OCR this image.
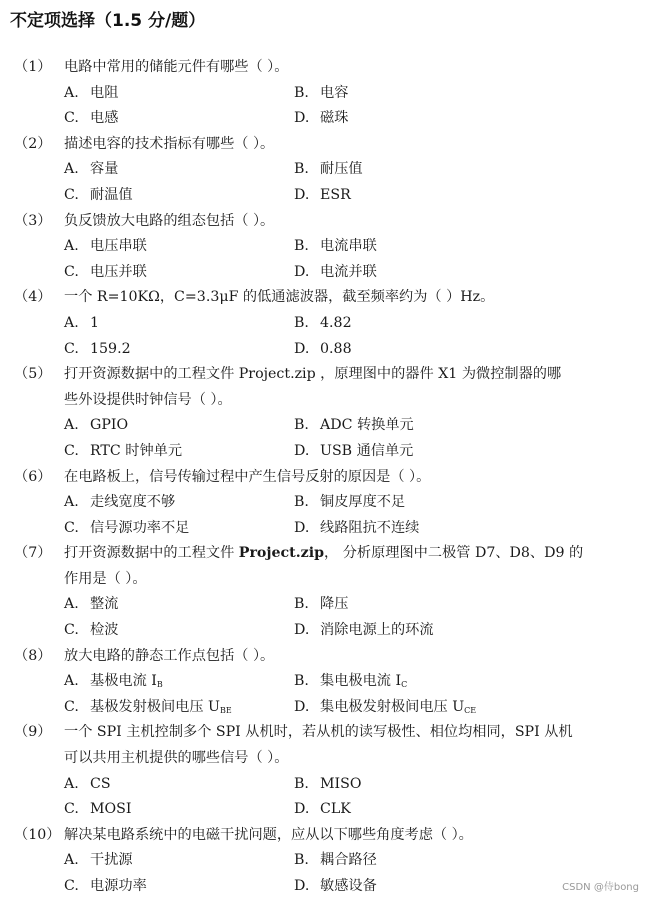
不定项选择（1.5 分/题）
（1） 电路中常用的储能元件有哪些（ ）。
A. 电阻	B. 电容
C. 电感	D. 磁珠
（2） 描述电容的技术指标有哪些（ ）。
A. 容量	B. 耐压值
C. 耐温值	D. ESR
（3） 负反馈放大电路的组态包括（ ）。
A. 电压串联	B. 电流串联
C. 电压并联	D. 电流并联
（4） 一个 R=10KΩ，C=3.3μF 的低通滤波器，截至频率约为（ ）Hz。
A. 1	B. 4.82
C. 159.2	D. 0.88
（5） 打开资源数据中的工程文件 Project.zip ，原理图中的器件 X1 为微控制器的哪
些外设提供时钟信号（ ）。
A. GPIO	B. ADC 转换单元
C. RTC 时钟单元	D. USB 通信单元
（6） 在电路板上，信号传输过程中产生信号反射的原因是（ ）。
A. 走线宽度不够	B. 铜皮厚度不足
C. 信号源功率不足	D. 线路阻抗不连续
（7） 打开资源数据中的工程文件 Project.zip， 分析原理图中二极管 D7、D8、D9 的
作用是（ ）。
A. 整流	B. 降压
C. 检波	D. 消除电源上的环流
（8） 放大电路的静态工作点包括（ ）。
A. 基极电流 $I_B$	B. 集电极电流 $I_C$
C. 基极发射极间电压 $U_{BE}$	D. 集电极发射极间电压 $U_{CE}$
（9） 一个 SPI 主机控制多个 SPI 从机时，若从机的读写极性、相位均相同，SPI 从机
可以共用主机提供的哪些信号（ ）。
A. CS	B. MISO
C. MOSI	D. CLK
（10） 解决某电路系统中的电磁干扰问题，应从以下哪些角度考虑（ ）。
A. 干扰源	B. 耦合路径
C. 电源功率	D. 敏感设备	CSDN @侍bong
